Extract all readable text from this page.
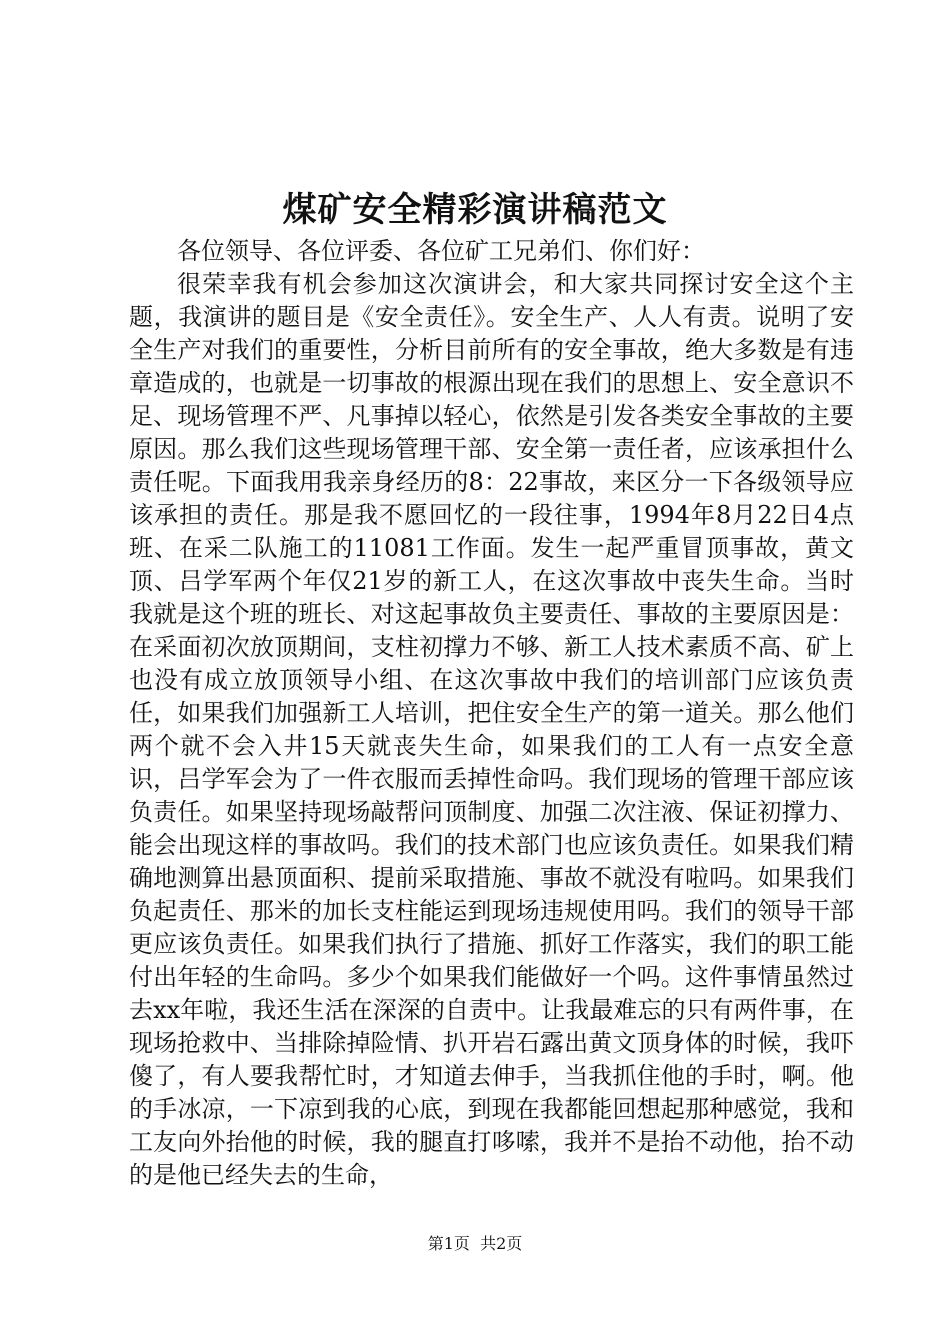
煤矿安全精彩演讲稿范文

各位领导、各位评委、各位矿工兄弟们、你们好：

很荣幸我有机会参加这次演讲会，和大家共同探讨安全这个主题，我演讲的题目是《安全责任》。安全生产、人人有责。说明了安全生产对我们的重要性，分析目前所有的安全事故，绝大多数是有违章造成的，也就是一切事故的根源出现在我们的思想上、安全意识不足、现场管理不严、凡事掉以轻心，依然是引发各类安全事故的主要原因。那么我们这些现场管理干部、安全第一责任者，应该承担什么责任呢。下面我用我亲身经历的8：22事故，来区分一下各级领导应该承担的责任。那是我不愿回忆的一段往事，1994年8月22日4点班、在采二队施工的11081工作面。发生一起严重冒顶事故，黄文顶、吕学军两个年仅21岁的新工人，在这次事故中丧失生命。当时我就是这个班的班长、对这起事故负主要责任、事故的主要原因是：在采面初次放顶期间，支柱初撑力不够、新工人技术素质不高、矿上也没有成立放顶领导小组、在这次事故中我们的培训部门应该负责任，如果我们加强新工人培训，把住安全生产的第一道关。那么他们两个就不会入井15天就丧失生命，如果我们的工人有一点安全意识，吕学军会为了一件衣服而丢掉性命吗。我们现场的管理干部应该负责任。如果坚持现场敲帮问顶制度、加强二次注液、保证初撑力、能会出现这样的事故吗。我们的技术部门也应该负责任。如果我们精确地测算出悬顶面积、提前采取措施、事故不就没有啦吗。如果我们负起责任、那米的加长支柱能运到现场违规使用吗。我们的领导干部更应该负责任。如果我们执行了措施、抓好工作落实，我们的职工能付出年轻的生命吗。多少个如果我们能做好一个吗。这件事情虽然过去xx年啦，我还生活在深深的自责中。让我最难忘的只有两件事，在现场抢救中、当排除掉险情、扒开岩石露出黄文顶身体的时候，我吓傻了，有人要我帮忙时，才知道去伸手，当我抓住他的手时，啊。他的手冰凉，一下凉到我的心底，到现在我都能回想起那种感觉，我和工友向外抬他的时候，我的腿直打哆嗦，我并不是抬不动他，抬不动的是他已经失去的生命，

第1页 共2页
